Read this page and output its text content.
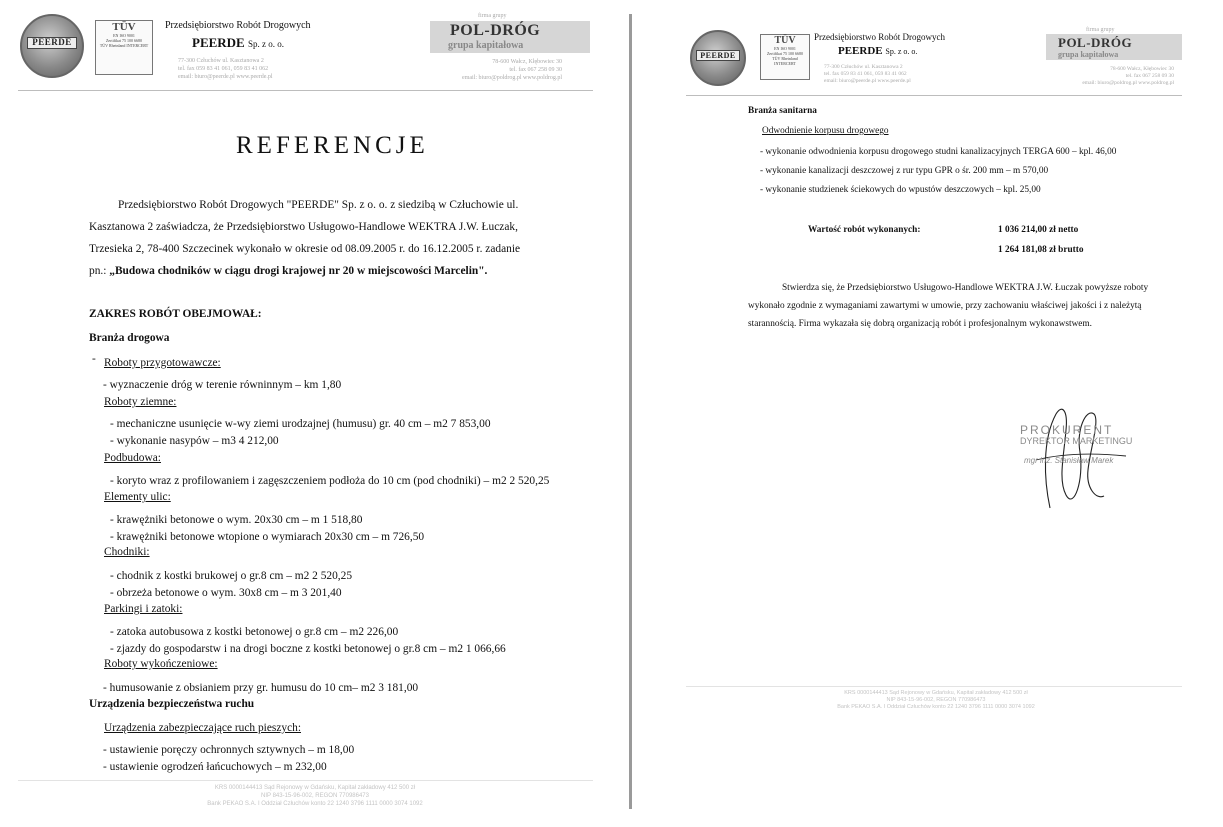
PEERDE
TÜV
EN ISO 9001
Zertifikat 75 100 6680
TÜV Rheinland INTERCERT
Przedsiębiorstwo Robót Drogowych
PEERDE Sp. z o. o.
77-300 Człuchów ul. Kasztanowa 2
tel. fax 059 83 41 061, 059 83 41 062
email: biuro@peerde.pl www.peerde.pl
firma grupy
POL-DRÓG
grupa kapitałowa
78-600 Wałcz, Kłębowiec 30
tel. fax 067 258 09 30
email: biuro@poldrog.pl www.poldrog.pl
REFERENCJE
Przedsiębiorstwo Robót Drogowych "PEERDE" Sp. z o. o. z siedzibą w Człuchowie ul.
Kasztanowa 2 zaświadcza, że Przedsiębiorstwo Usługowo-Handlowe WEKTRA J.W. Łuczak,
Trzesieka 2, 78-400 Szczecinek wykonało w okresie od 08.09.2005 r. do 16.12.2005 r. zadanie
pn.: „Budowa chodników w ciągu drogi krajowej nr 20 w miejscowości Marcelin".
ZAKRES ROBÓT OBEJMOWAŁ:
Branża drogowa
- Roboty przygotowawcze:
- wyznaczenie dróg w terenie równinnym – km 1,80
Roboty ziemne:
- mechaniczne usunięcie w-wy ziemi urodzajnej (humusu) gr. 40 cm – m2 7 853,00
- wykonanie nasypów – m3 4 212,00
Podbudowa:
- koryto wraz z profilowaniem i zagęszczeniem podłoża do 10 cm (pod chodniki) – m2 2 520,25
Elementy ulic:
- krawężniki betonowe o wym. 20x30 cm – m 1 518,80
- krawężniki betonowe wtopione o wymiarach 20x30 cm – m 726,50
Chodniki:
- chodnik z kostki brukowej o gr.8 cm – m2 2 520,25
- obrzeża betonowe o wym. 30x8 cm – m 3 201,40
Parkingi i zatoki:
- zatoka autobusowa z kostki betonowej o gr.8 cm – m2 226,00
- zjazdy do gospodarstw i na drogi boczne z kostki betonowej o gr.8 cm – m2 1 066,66
Roboty wykończeniowe:
- humusowanie z obsianiem przy gr. humusu do 10 cm– m2 3 181,00
Urządzenia bezpieczeństwa ruchu
Urządzenia zabezpieczające ruch pieszych:
- ustawienie poręczy ochronnych sztywnych – m 18,00
- ustawienie ogrodzeń łańcuchowych – m 232,00
KRS 0000144413 Sąd Rejonowy w Gdańsku, Kapitał zakładowy 412 500 zł
NIP 843-15-96-002, REGON 770986473
Bank PEKAO S.A. I Oddział Człuchów konto 22 1240 3796 1111 0000 3074 1092
PEERDE
TÜV
EN ISO 9001
Zertifikat 75 100 6680
TÜV Rheinland INTERCERT
Przedsiębiorstwo Robót Drogowych
PEERDE Sp. z o. o.
77-300 Człuchów ul. Kasztanowa 2
tel. fax 059 83 41 061, 059 83 41 062
email: biuro@peerde.pl www.peerde.pl
firma grupy
POL-DRÓG
grupa kapitałowa
78-600 Wałcz, Kłębowiec 30
tel. fax 067 258 09 30
email: biuro@poldrog.pl www.poldrog.pl
Branża sanitarna
Odwodnienie korpusu drogowego
- wykonanie odwodnienia korpusu drogowego studni kanalizacyjnych TERGA 600 – kpl. 46,00
- wykonanie kanalizacji deszczowej z rur typu GPR o śr. 200 mm – m 570,00
- wykonanie studzienek ściekowych do wpustów deszczowych – kpl. 25,00
Wartość robót wykonanych:	1 036 214,00 zł netto
1 264 181,08 zł brutto
Stwierdza się, że Przedsiębiorstwo Usługowo-Handlowe WEKTRA J.W. Łuczak powyższe roboty
wykonało zgodnie z wymaganiami zawartymi w umowie, przy zachowaniu właściwej jakości i z należytą
starannością. Firma wykazała się dobrą organizacją robót i profesjonalnym wykonawstwem.
PROKURENT
DYREKTOR MARKETINGU
mgr inż. Stanisław Marek
KRS 0000144413 Sąd Rejonowy w Gdańsku, Kapitał zakładowy 412 500 zł
NIP 843-15-96-002, REGON 770986473
Bank PEKAO S.A. I Oddział Człuchów konto 22 1240 3796 1111 0000 3074 1092
